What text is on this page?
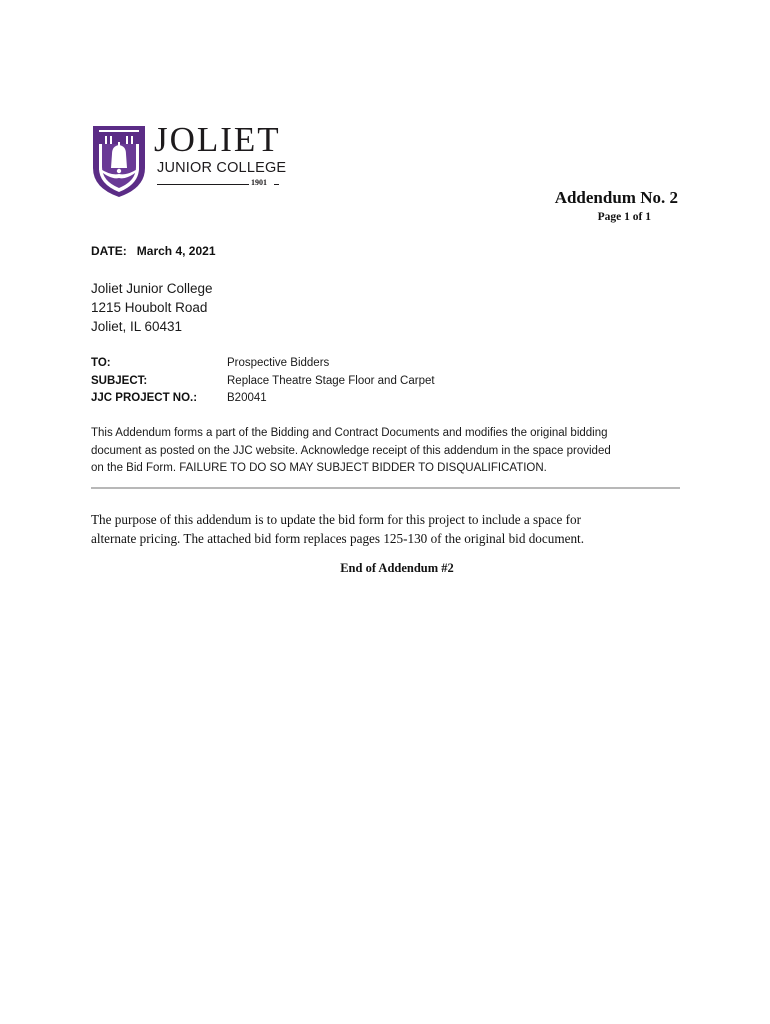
JOLIET
JUNIOR COLLEGE
1901
Addendum No. 2
Page 1 of 1
DATE: March 4, 2021
Joliet Junior College
1215 Houbolt Road
Joliet, IL 60431
TO:	Prospective Bidders
SUBJECT:	Replace Theatre Stage Floor and Carpet
JJC PROJECT NO.:	B20041
This Addendum forms a part of the Bidding and Contract Documents and modifies the original bidding
document as posted on the JJC website. Acknowledge receipt of this addendum in the space provided
on the Bid Form. FAILURE TO DO SO MAY SUBJECT BIDDER TO DISQUALIFICATION.
The purpose of this addendum is to update the bid form for this project to include a space for
alternate pricing. The attached bid form replaces pages 125-130 of the original bid document.
End of Addendum #2
